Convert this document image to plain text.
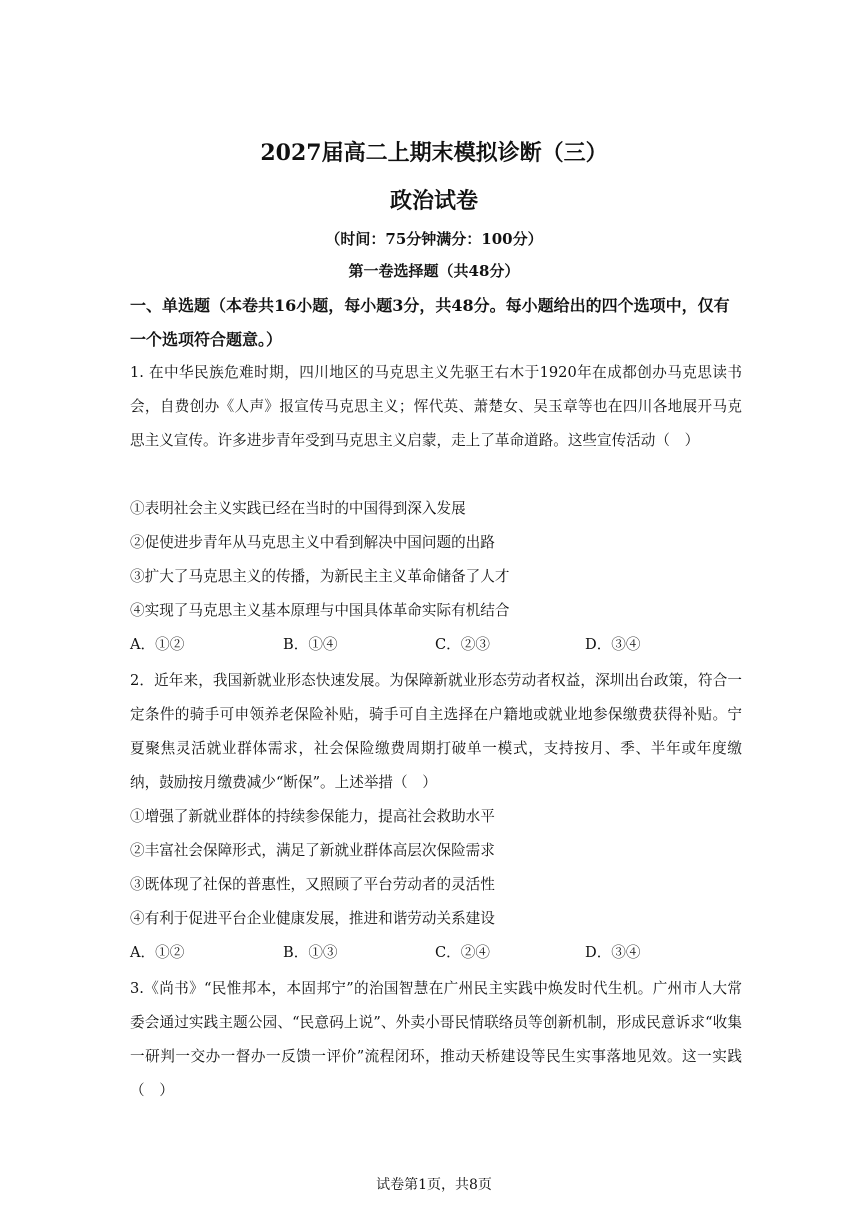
2027届高二上期末模拟诊断（三）
政治试卷
（时间：75分钟满分：100分）
第一卷选择题（共48分）
一、单选题（本卷共16小题，每小题3分，共48分。每小题给出的四个选项中，仅有一个选项符合题意。）
1. 在中华民族危难时期，四川地区的马克思主义先驱王右木于1920年在成都创办马克思读书会，自费创办《人声》报宣传马克思主义；恽代英、萧楚女、吴玉章等也在四川各地展开马克思主义宣传。许多进步青年受到马克思主义启蒙，走上了革命道路。这些宣传活动（　）
①表明社会主义实践已经在当时的中国得到深入发展
②促使进步青年从马克思主义中看到解决中国问题的出路
③扩大了马克思主义的传播，为新民主主义革命储备了人才
④实现了马克思主义基本原理与中国具体革命实际有机结合
A．①②	B．①④	C．②③	D．③④
2．近年来，我国新就业形态快速发展。为保障新就业形态劳动者权益，深圳出台政策，符合一定条件的骑手可申领养老保险补贴，骑手可自主选择在户籍地或就业地参保缴费获得补贴。宁夏聚焦灵活就业群体需求，社会保险缴费周期打破单一模式，支持按月、季、半年或年度缴纳，鼓励按月缴费减少“断保”。上述举措（　）
①增强了新就业群体的持续参保能力，提高社会救助水平
②丰富社会保障形式，满足了新就业群体高层次保险需求
③既体现了社保的普惠性，又照顾了平台劳动者的灵活性
④有利于促进平台企业健康发展，推进和谐劳动关系建设
A．①②	B．①③	C．②④	D．③④
3.《尚书》“民惟邦本，本固邦宁”的治国智慧在广州民主实践中焕发时代生机。广州市人大常委会通过实践主题公园、“民意码上说”、外卖小哥民情联络员等创新机制，形成民意诉求“收集一研判一交办一督办一反馈一评价”流程闭环，推动天桥建设等民生实事落地见效。这一实践（　）
试卷第1页，共8页
